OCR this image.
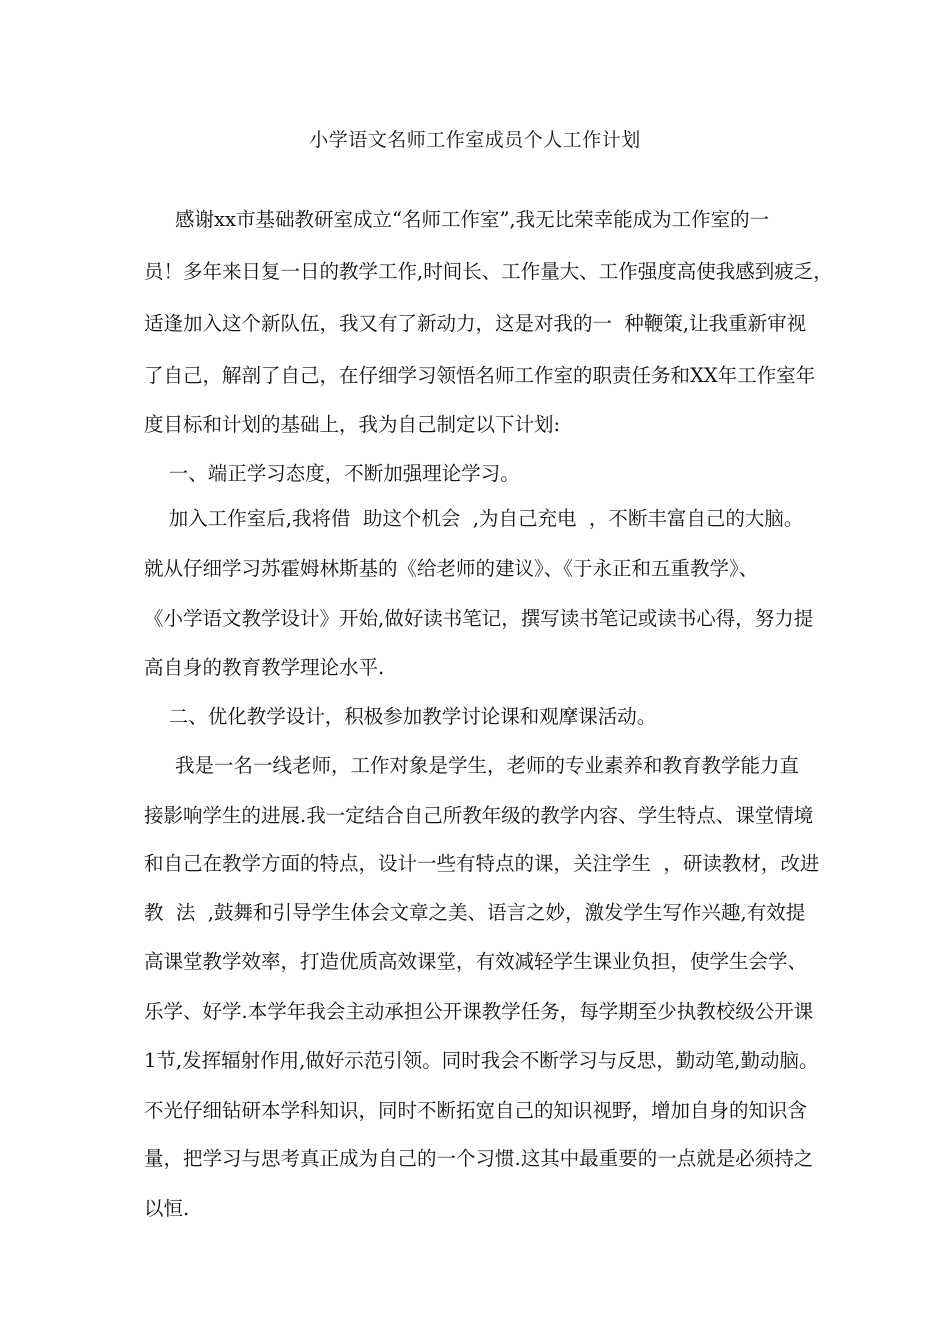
小学语文名师工作室成员个人工作计划
感谢xx市基础教研室成立“名师工作室”,我无比荣幸能成为工作室的一
员！多年来日复一日的教学工作,时间长、工作量大、工作强度高使我感到疲乏，
适逢加入这个新队伍，我又有了新动力，这是对我的一  种鞭策,让我重新审视
了自己，解剖了自己，在仔细学习领悟名师工作室的职责任务和XX年工作室年
度目标和计划的基础上，我为自己制定以下计划:
一、端正学习态度，不断加强理论学习。
加入工作室后,我将借  助这个机会  ,为自己充电  ，不断丰富自己的大脑。
就从仔细学习苏霍姆林斯基的《给老师的建议》、《于永正和五重教学》、
《小学语文教学设计》开始,做好读书笔记，撰写读书笔记或读书心得，努力提
高自身的教育教学理论水平.
二、优化教学设计，积极参加教学讨论课和观摩课活动。
我是一名一线老师，工作对象是学生，老师的专业素养和教育教学能力直
接影响学生的进展.我一定结合自己所教年级的教学内容、学生特点、课堂情境
和自己在教学方面的特点，设计一些有特点的课，关注学生  ，研读教材，改进
教  法  ,鼓舞和引导学生体会文章之美、语言之妙，激发学生写作兴趣,有效提
高课堂教学效率，打造优质高效课堂，有效减轻学生课业负担，使学生会学、
乐学、好学.本学年我会主动承担公开课教学任务，每学期至少执教校级公开课
1节,发挥辐射作用,做好示范引领。同时我会不断学习与反思，勤动笔,勤动脑。
不光仔细钻研本学科知识，同时不断拓宽自己的知识视野，增加自身的知识含
量，把学习与思考真正成为自己的一个习惯.这其中最重要的一点就是必须持之
以恒.
